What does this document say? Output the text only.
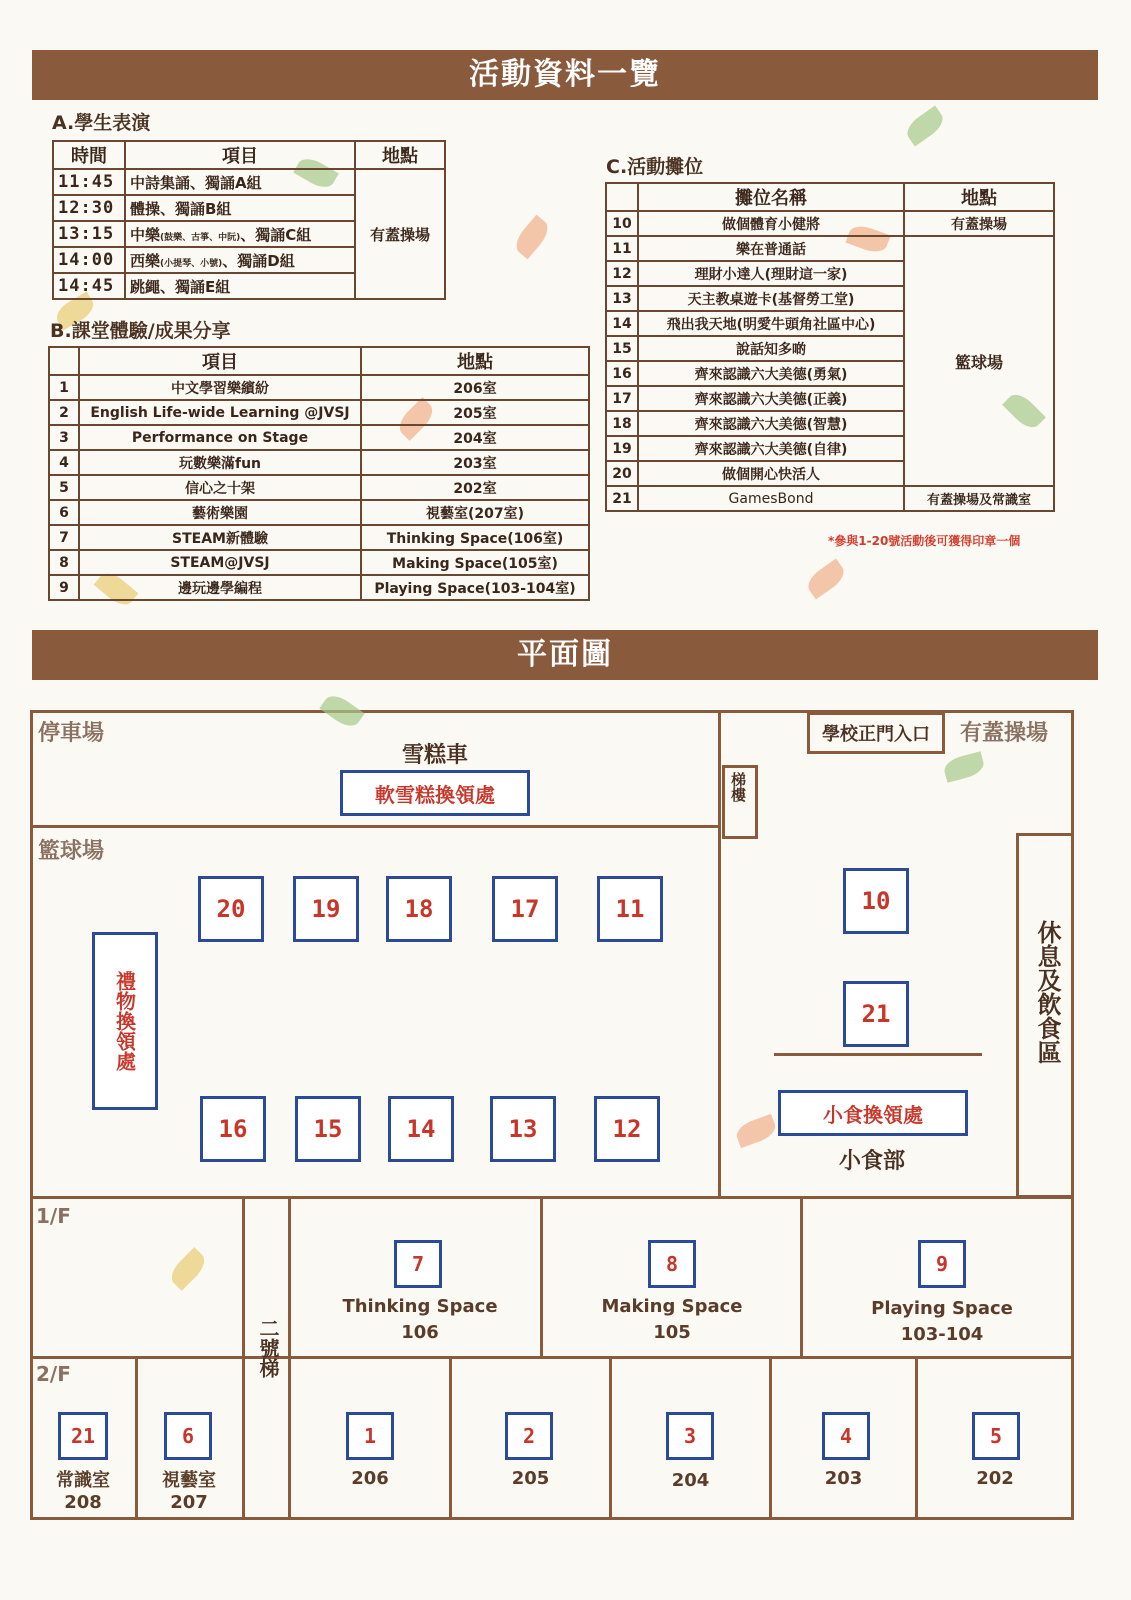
活動資料一覽
A.學生表演
時間	項目	地點
11:45	中詩集誦、獨誦A組	有蓋操場
12:30	體操、獨誦B組	
13:15	中樂(鼓樂、古箏、中阮)、獨誦C組	
14:00	西樂(小提琴、小號)、獨誦D組	
14:45	跳繩、獨誦E組	
B.課堂體驗/成果分享
	項目	地點
1	中文學習樂繽紛	206室
2	English Life-wide Learning @JVSJ	205室
3	Performance on Stage	204室
4	玩數樂滿fun	203室
5	信心之十架	202室
6	藝術樂園	視藝室(207室)
7	STEAM新體驗	Thinking Space(106室)
8	STEAM@JVSJ	Making Space(105室)
9	邊玩邊學編程	Playing Space(103-104室)
C.活動攤位
	攤位名稱	地點
10	做個體育小健將	有蓋操場
11	樂在普通話	籃球場
12	理財小達人(理財這一家)	
13	天主教桌遊卡(基督勞工堂)	
14	飛出我天地(明愛牛頭角社區中心)	
15	說話知多啲	
16	齊來認識六大美德(勇氣)	
17	齊來認識六大美德(正義)	
18	齊來認識六大美德(智慧)	
19	齊來認識六大美德(自律)	
20	做個開心快活人	
21	GamesBond	有蓋操場及常識室
*參與1-20號活動後可獲得印章一個
平面圖
休息及飲食區
梯樓
停車場
雪糕車
軟雪糕換領處
學校正門入口	有蓋操場
籃球場
禮物換領處
20	19	18	17	11
16	15	14	13	12
10
21
小食換領處
小食部
1/F
2/F	二號梯
7
Thinking Space
106
8
Making Space
105
9
Playing Space
103-104
21
常識室
208
6
視藝室
207
1
206
2
205
3
204
4
203
5
202
